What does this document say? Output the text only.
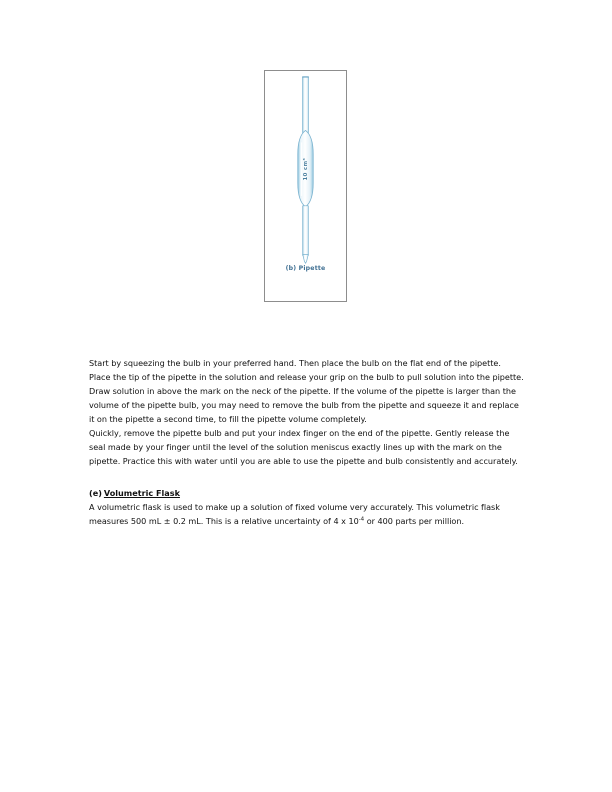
10 cm³
(b) Pipette

Start by squeezing the bulb in your preferred hand. Then place the bulb on the flat end of the pipette.

Place the tip of the pipette in the solution and release your grip on the bulb to pull solution into the pipette. Draw solution in above the mark on the neck of the pipette. If the volume of the pipette is larger than the volume of the pipette bulb, you may need to remove the bulb from the pipette and squeeze it and replace it on the pipette a second time, to fill the pipette volume completely.

Quickly, remove the pipette bulb and put your index finger on the end of the pipette. Gently release the seal made by your finger until the level of the solution meniscus exactly lines up with the mark on the pipette. Practice this with water until you are able to use the pipette and bulb consistently and accurately.

(e) Volumetric Flask

A volumetric flask is used to make up a solution of fixed volume very accurately. This volumetric flask measures 500 mL ± 0.2 mL. This is a relative uncertainty of 4 x $10^{-4}$ or 400 parts per million.
